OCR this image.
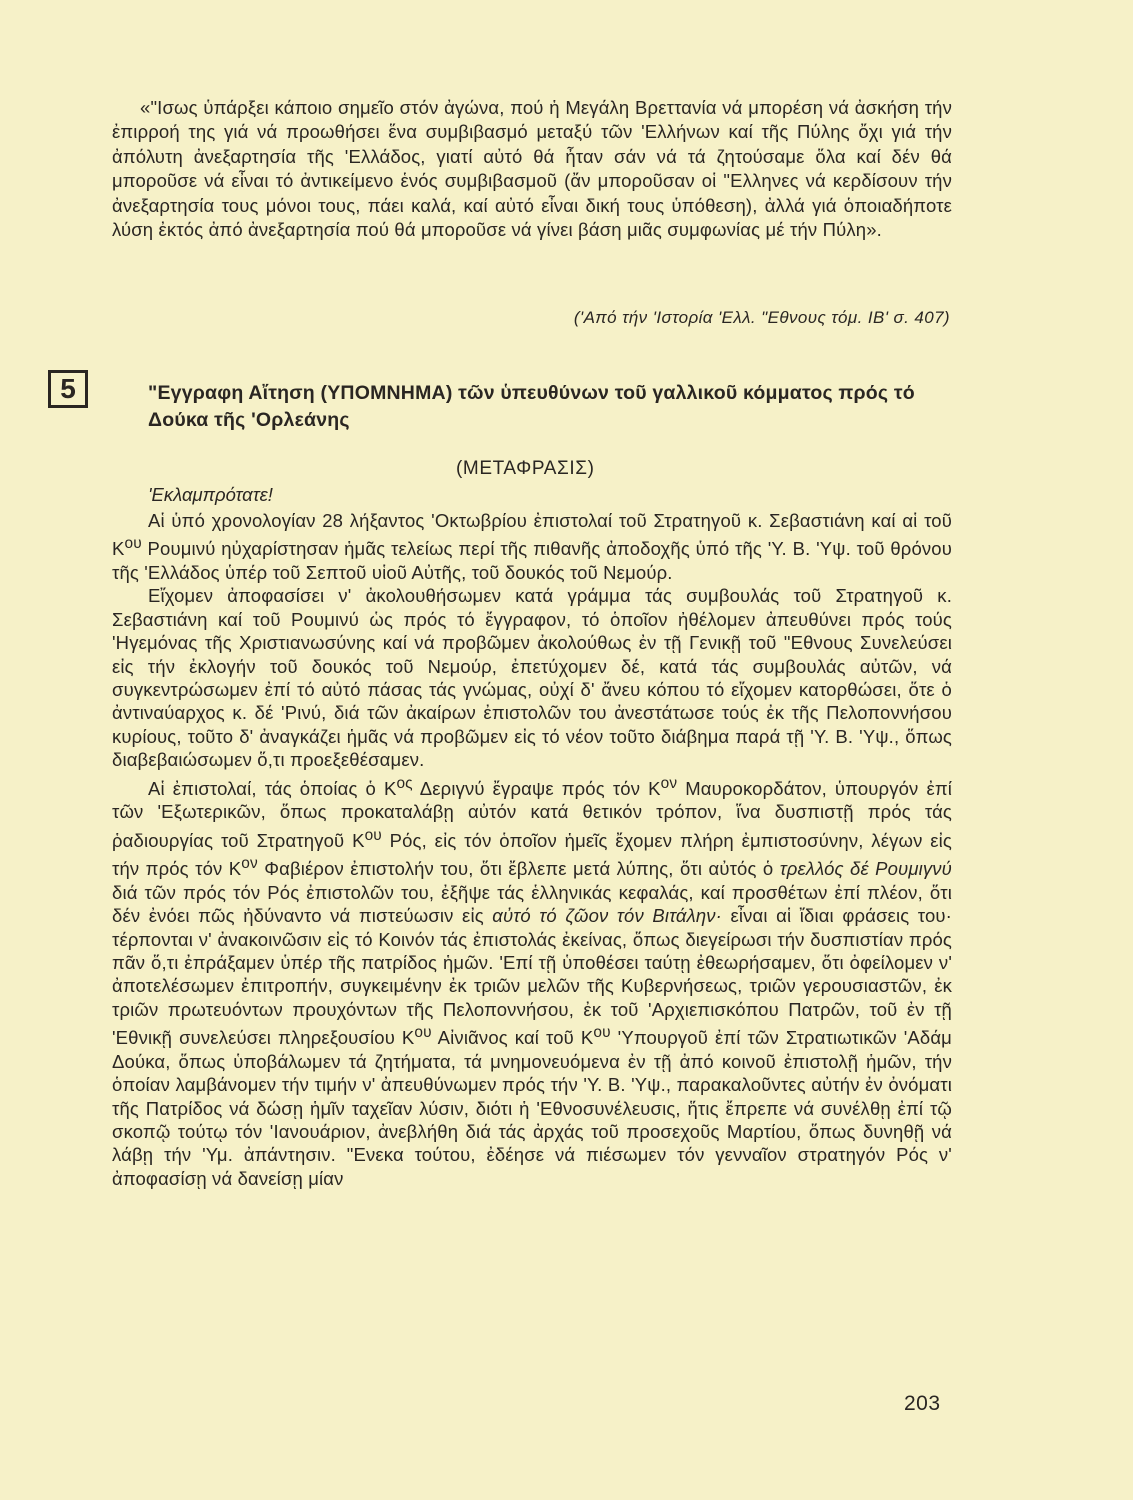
«"Ισως ὑπάρξει κάποιο σημεῖο στόν ἀγώνα, πού ἡ Μεγάλη Βρεττανία νά μπορέση νά ἀσκήση τήν ἐπιρροή της γιά νά προωθήσει ἕνα συμβιβασμό μεταξύ τῶν 'Ελλήνων καί τῆς Πύλης ὄχι γιά τήν ἀπόλυτη ἀνεξαρτησία τῆς 'Ελλάδος, γιατί αὐτό θά ἦταν σάν νά τά ζητούσαμε ὅλα καί δέν θά μποροῦσε νά εἶναι τό ἀντικείμενο ἑνός συμβιβασμοῦ (ἄν μποροῦσαν οἱ "Ελληνες νά κερδίσουν τήν ἀνεξαρτησία τους μόνοι τους, πάει καλά, καί αὐτό εἶναι δική τους ὑπόθεση), ἀλλά γιά ὁποιαδήποτε λύση ἐκτός ἀπό ἀνεξαρτησία πού θά μποροῦσε νά γίνει βάση μιᾶς συμφωνίας μέ τήν Πύλη».
('Από τήν 'Ιστορία 'Ελλ. "Εθνους τόμ. ΙΒ' σ. 407)
5	"Εγγραφη Αἴτηση (ΥΠΟΜΝΗΜΑ) τῶν ὑπευθύνων τοῦ γαλλικοῦ κόμματος πρός τό Δούκα τῆς 'Ορλεάνης
(ΜΕΤΑΦΡΑΣΙΣ)
'Εκλαμπρότατε!

Αἱ ὑπό χρονολογίαν 28 λήξαντος 'Οκτωβρίου ἐπιστολαί τοῦ Στρατηγοῦ κ. Σεβαστιάνη καί αἱ τοῦ $K^{o\upsilon}$ Ρουμινύ ηὐχαρίστησαν ἡμᾶς τελείως περί τῆς πιθανῆς ἀποδοχῆς ὑπό τῆς 'Υ. Β. 'Υψ. τοῦ θρόνου τῆς 'Ελλάδος ὑπέρ τοῦ Σεπτοῦ υἱοῦ Αὐτῆς, τοῦ δουκός τοῦ Νεμούρ.

Εἴχομεν ἀποφασίσει ν' ἀκολουθήσωμεν κατά γράμμα τάς συμβουλάς τοῦ Στρατηγοῦ κ. Σεβαστιάνη καί τοῦ Ρουμινύ ὡς πρός τό ἔγγραφον, τό ὁποῖον ἠθέλομεν ἀπευθύνει πρός τούς 'Ηγεμόνας τῆς Χριστιανωσύνης καί νά προβῶμεν ἀκολούθως ἐν τῇ Γενικῇ τοῦ "Εθνους Συνελεύσει εἰς τήν ἐκλογήν τοῦ δουκός τοῦ Νεμούρ, ἐπετύχομεν δέ, κατά τάς συμβουλάς αὐτῶν, νά συγκεντρώσωμεν ἐπί τό αὐτό πάσας τάς γνώμας, οὐχί δ' ἄνευ κόπου τό εἴχομεν κατορθώσει, ὅτε ὁ ἀντιναύαρχος κ. δέ 'Ρινύ, διά τῶν ἀκαίρων ἐπιστολῶν του ἀνεστάτωσε τούς ἐκ τῆς Πελοποννήσου κυρίους, τοῦτο δ' ἀναγκάζει ἡμᾶς νά προβῶμεν εἰς τό νέον τοῦτο διάβημα παρά τῇ 'Υ. Β. 'Υψ., ὅπως διαβεβαιώσωμεν ὅ,τι προεξεθέσαμεν.

Αἱ ἐπιστολαί, τάς ὁποίας ὁ $K^{o\varsigma}$ Δεριγνύ ἔγραψε πρός τόν $K^{o\nu}$ Μαυροκορδάτον, ὑπουργόν ἐπί τῶν 'Εξωτερικῶν, ὅπως προκαταλάβῃ αὐτόν κατά θετικόν τρόπον, ἵνα δυσπιστῇ πρός τάς ῥαδιουργίας τοῦ Στρατηγοῦ $K^{o\upsilon}$ Ρός, εἰς τόν ὁποῖον ἡμεῖς ἔχομεν πλήρη ἐμπιστοσύνην, λέγων εἰς τήν πρός τόν $K^{o\nu}$ Φαβιέρον ἐπιστολήν του, ὅτι ἔβλεπε μετά λύπης, ὅτι αὐτός ὁ τρελλός δέ Ρουμιγνύ διά τῶν πρός τόν Ρός ἐπιστολῶν του, ἐξῆψε τάς ἑλληνικάς κεφαλάς, καί προσθέτων ἐπί πλέον, ὅτι δέν ἐνόει πῶς ἠδύναντο νά πιστεύωσιν εἰς αὐτό τό ζῶον τόν Βιτάλην· εἶναι αἱ ἴδιαι φράσεις του· τέρπονται ν' ἀνακοινῶσιν εἰς τό Κοινόν τάς ἐπιστολάς ἐκείνας, ὅπως διεγείρωσι τήν δυσπιστίαν πρός πᾶν ὅ,τι ἐπράξαμεν ὑπέρ τῆς πατρίδος ἡμῶν. 'Επί τῇ ὑποθέσει ταύτῃ ἐθεωρήσαμεν, ὅτι ὀφείλομεν ν' ἀποτελέσωμεν ἐπιτροπήν, συγκειμένην ἐκ τριῶν μελῶν τῆς Κυβερνήσεως, τριῶν γερουσιαστῶν, ἐκ τριῶν πρωτευόντων προυχόντων τῆς Πελοποννήσου, ἐκ τοῦ 'Αρχιεπισκόπου Πατρῶν, τοῦ ἐν τῇ 'Εθνικῇ συνελεύσει πληρεξουσίου $K^{o\upsilon}$ Αἰνιᾶνος καί τοῦ $K^{o\upsilon}$ 'Υπουργοῦ ἐπί τῶν Στρατιωτικῶν 'Αδάμ Δούκα, ὅπως ὑποβάλωμεν τά ζητήματα, τά μνημονευόμενα ἐν τῇ ἀπό κοινοῦ ἐπιστολῇ ἡμῶν, τήν ὁποίαν λαμβάνομεν τήν τιμήν ν' ἀπευθύνωμεν πρός τήν 'Υ. Β. 'Υψ., παρακαλοῦντες αὐτήν ἐν ὀνόματι τῆς Πατρίδος νά δώσῃ ἡμῖν ταχεῖαν λύσιν, διότι ἡ 'Εθνοσυνέλευσις, ἥτις ἔπρεπε νά συνέλθῃ ἐπί τῷ σκοπῷ τούτῳ τόν 'Ιανουάριον, ἀνεβλήθη διά τάς ἀρχάς τοῦ προσεχοῦς Μαρτίου, ὅπως δυνηθῇ νά λάβῃ τήν 'Υμ. ἀπάντησιν. "Ενεκα τούτου, ἐδέησε νά πιέσωμεν τόν γενναῖον στρατηγόν Ρός ν' ἀποφασίσῃ νά δανείσῃ μίαν

203
